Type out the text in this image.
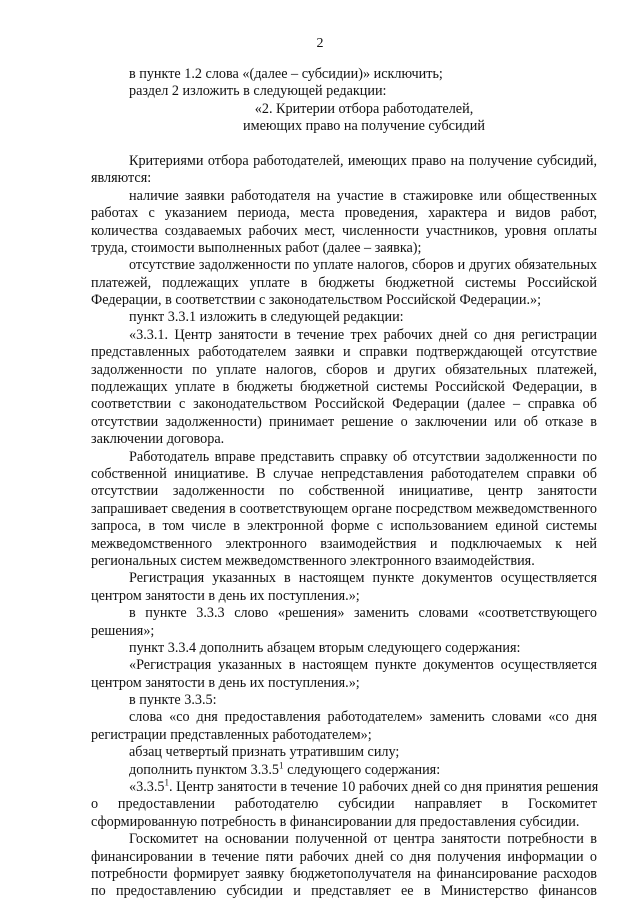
2
в пункте 1.2 слова «(далее – субсидии)» исключить;
раздел 2 изложить в следующей редакции:
«2. Критерии отбора работодателей,
имеющих право на получение субсидий
Критериями отбора работодателей, имеющих право на получение субсидий,
являются:
наличие заявки работодателя на участие в стажировке или общественных
работах с указанием периода, места проведения, характера и видов работ,
количества создаваемых рабочих мест, численности участников, уровня оплаты
труда, стоимости выполненных работ (далее – заявка);
отсутствие задолженности по уплате налогов, сборов и других обязательных
платежей, подлежащих уплате в бюджеты бюджетной системы Российской
Федерации, в соответствии с законодательством Российской Федерации.»;
пункт 3.3.1 изложить в следующей редакции:
«3.3.1. Центр занятости в течение трех рабочих дней со дня регистрации
представленных работодателем заявки и справки подтверждающей отсутствие
задолженности по уплате налогов, сборов и других обязательных платежей,
подлежащих уплате в бюджеты бюджетной системы Российской Федерации, в
соответствии с законодательством Российской Федерации (далее – справка об
отсутствии задолженности) принимает решение о заключении или об отказе в
заключении договора.
Работодатель вправе представить справку об отсутствии задолженности по
собственной инициативе. В случае непредставления работодателем справки об
отсутствии задолженности по собственной инициативе, центр занятости
запрашивает сведения в соответствующем органе посредством межведомственного
запроса, в том числе в электронной форме с использованием единой системы
межведомственного электронного взаимодействия и подключаемых к ней
региональных систем межведомственного электронного взаимодействия.
Регистрация указанных в настоящем пункте документов осуществляется
центром занятости в день их поступления.»;
в пункте 3.3.3 слово «решения» заменить словами «соответствующего
решения»;
пункт 3.3.4 дополнить абзацем вторым следующего содержания:
«Регистрация указанных в настоящем пункте документов осуществляется
центром занятости в день их поступления.»;
в пункте 3.3.5:
слова «со дня предоставления работодателем» заменить словами «со дня
регистрации представленных работодателем»;
абзац четвертый признать утратившим силу;
дополнить пунктом 3.3.5$^1$ следующего содержания:
«3.3.5$^1$. Центр занятости в течение 10 рабочих дней со дня принятия решения
о предоставлении работодателю субсидии направляет в Госкомитет
сформированную потребность в финансировании для предоставления субсидии.
Госкомитет на основании полученной от центра занятости потребности в
финансировании в течение пяти рабочих дней со дня получения информации о
потребности формирует заявку бюджетополучателя на финансирование расходов
по предоставлению субсидии и представляет ее в Министерство финансов
